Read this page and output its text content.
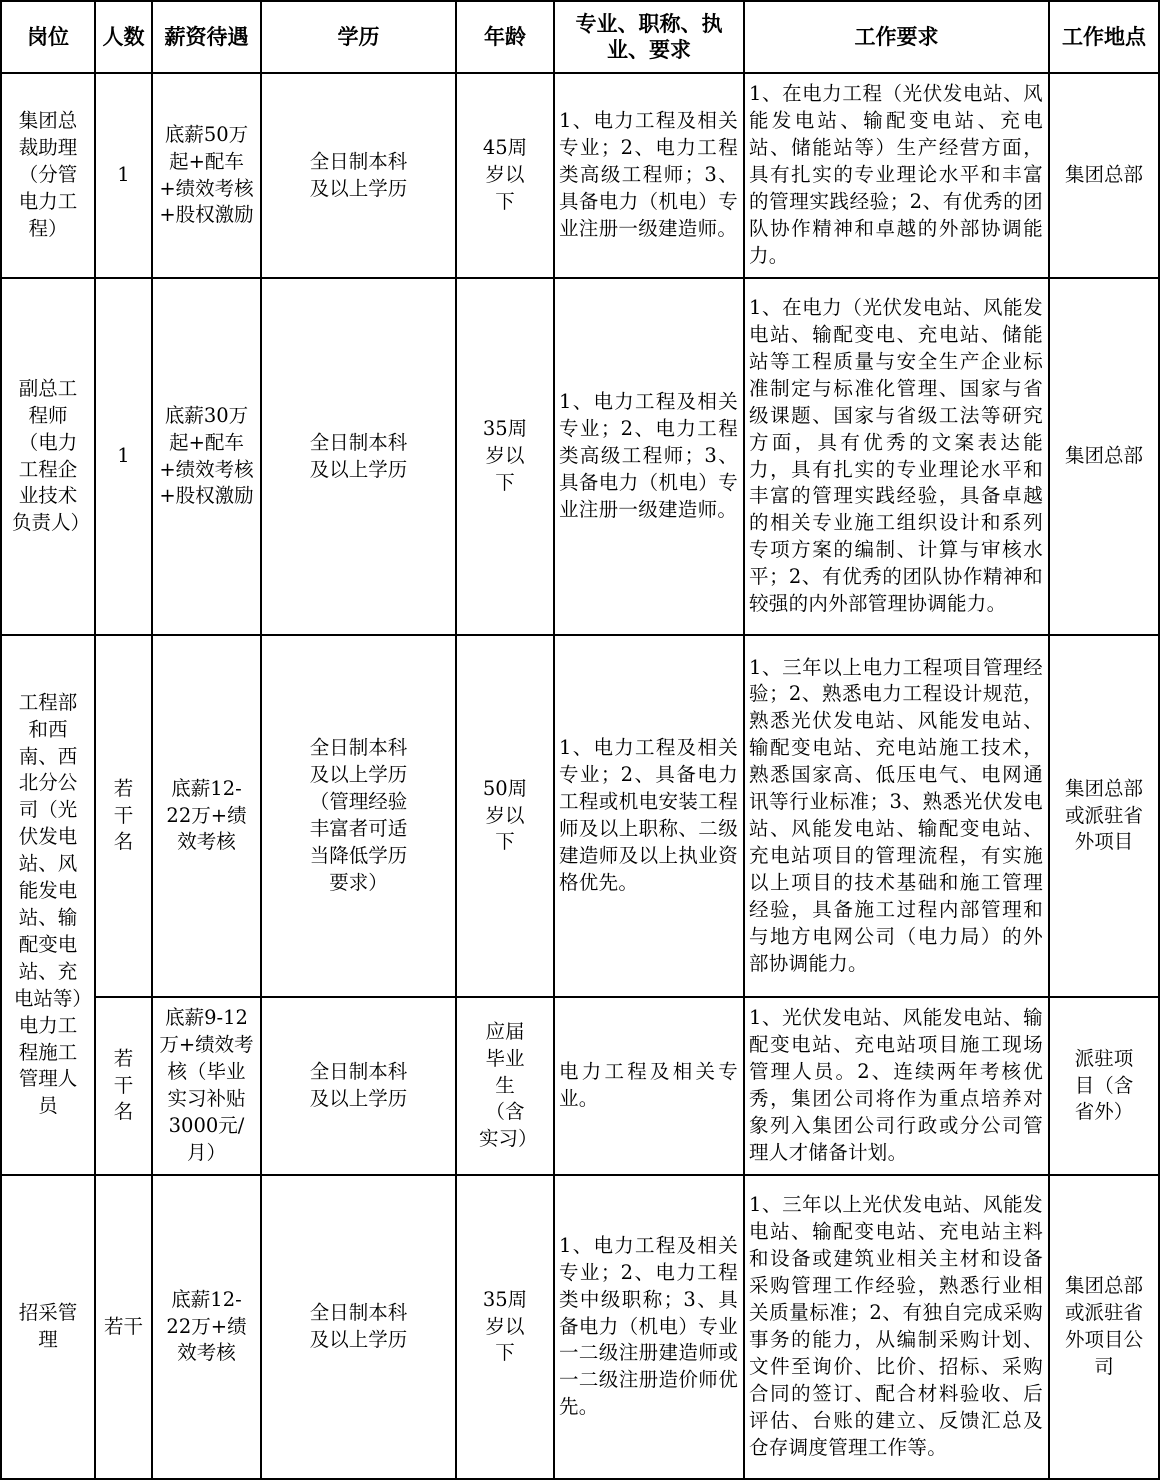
岗位	人数	薪资待遇	学历	年龄	专业、职称、执业、要求	工作要求	工作地点
集团总裁助理（分管电力工程）	1	底薪50万起+配车+绩效考核+股权激励	全日制本科及以上学历	45周岁以下	1、电力工程及相关专业；2、电力工程类高级工程师；3、具备电力（机电）专业注册一级建造师。	1、在电力工程（光伏发电站、风能发电站、输配变电站、充电站、储能站等）生产经营方面，具有扎实的专业理论水平和丰富的管理实践经验；2、有优秀的团队协作精神和卓越的外部协调能力。	集团总部
副总工程师（电力工程企业技术负责人）	1	底薪30万起+配车+绩效考核+股权激励	全日制本科及以上学历	35周岁以下	1、电力工程及相关专业；2、电力工程类高级工程师；3、具备电力（机电）专业注册一级建造师。	1、在电力（光伏发电站、风能发电站、输配变电、充电站、储能站等工程质量与安全生产企业标准制定与标准化管理、国家与省级课题、国家与省级工法等研究方面，具有优秀的文案表达能力，具有扎实的专业理论水平和丰富的管理实践经验，具备卓越的相关专业施工组织设计和系列专项方案的编制、计算与审核水平；2、有优秀的团队协作精神和较强的内外部管理协调能力。	集团总部
工程部和西南、西北分公司（光伏发电站、风能发电站、输配变电站、充电站等）电力工程施工管理人员	若干名	底薪12-22万+绩效考核	全日制本科及以上学历（管理经验丰富者可适当降低学历要求）	50周岁以下	1、电力工程及相关专业；2、具备电力工程或机电安装工程师及以上职称、二级建造师及以上执业资格优先。	1、三年以上电力工程项目管理经验；2、熟悉电力工程设计规范，熟悉光伏发电站、风能发电站、输配变电站、充电站施工技术，熟悉国家高、低压电气、电网通讯等行业标准；3、熟悉光伏发电站、风能发电站、输配变电站、充电站项目的管理流程，有实施以上项目的技术基础和施工管理经验，具备施工过程内部管理和与地方电网公司（电力局）的外部协调能力。	集团总部或派驻省外项目
	若干名	底薪9-12万+绩效考核（毕业实习补贴3000元/月）	全日制本科及以上学历	应届毕业生（含实习）	电力工程及相关专业。	1、光伏发电站、风能发电站、输配变电站、充电站项目施工现场管理人员。2、连续两年考核优秀，集团公司将作为重点培养对象列入集团公司行政或分公司管理人才储备计划。	派驻项目（含省外）
招采管理	若干	底薪12-22万+绩效考核	全日制本科及以上学历	35周岁以下	1、电力工程及相关专业；2、电力工程类中级职称；3、具备电力（机电）专业一二级注册建造师或一二级注册造价师优先。	1、三年以上光伏发电站、风能发电站、输配变电站、充电站主料和设备或建筑业相关主材和设备采购管理工作经验，熟悉行业相关质量标准；2、有独自完成采购事务的能力，从编制采购计划、文件至询价、比价、招标、采购合同的签订、配合材料验收、后评估、台账的建立、反馈汇总及仓存调度管理工作等。	集团总部或派驻省外项目公司
